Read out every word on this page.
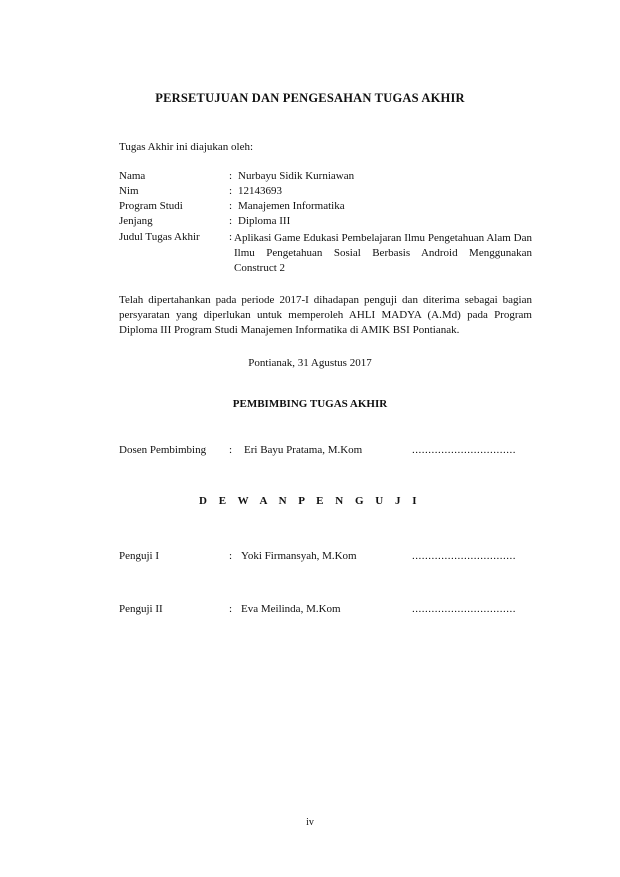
PERSETUJUAN DAN PENGESAHAN TUGAS AKHIR
Tugas Akhir ini diajukan oleh:
Nama	: Nurbayu Sidik Kurniawan
Nim	: 12143693
Program Studi	: Manajemen Informatika
Jenjang	: Diploma III
Judul Tugas Akhir	: Aplikasi Game Edukasi Pembelajaran Ilmu Pengetahuan Alam Dan Ilmu Pengetahuan Sosial Berbasis Android Menggunakan Construct 2
Telah dipertahankan pada periode 2017-I dihadapan penguji dan diterima sebagai bagian persyaratan yang diperlukan untuk memperoleh AHLI MADYA (A.Md) pada Program Diploma III Program Studi Manajemen Informatika di AMIK BSI Pontianak.
Pontianak, 31 Agustus 2017
PEMBIMBING TUGAS AKHIR
Dosen Pembimbing : Eri Bayu Pratama, M.Kom	................................
D E W A N P E N G U J I
Penguji I	: Yoki Firmansyah, M.Kom	................................
Penguji II	: Eva Meilinda, M.Kom	................................
iv
